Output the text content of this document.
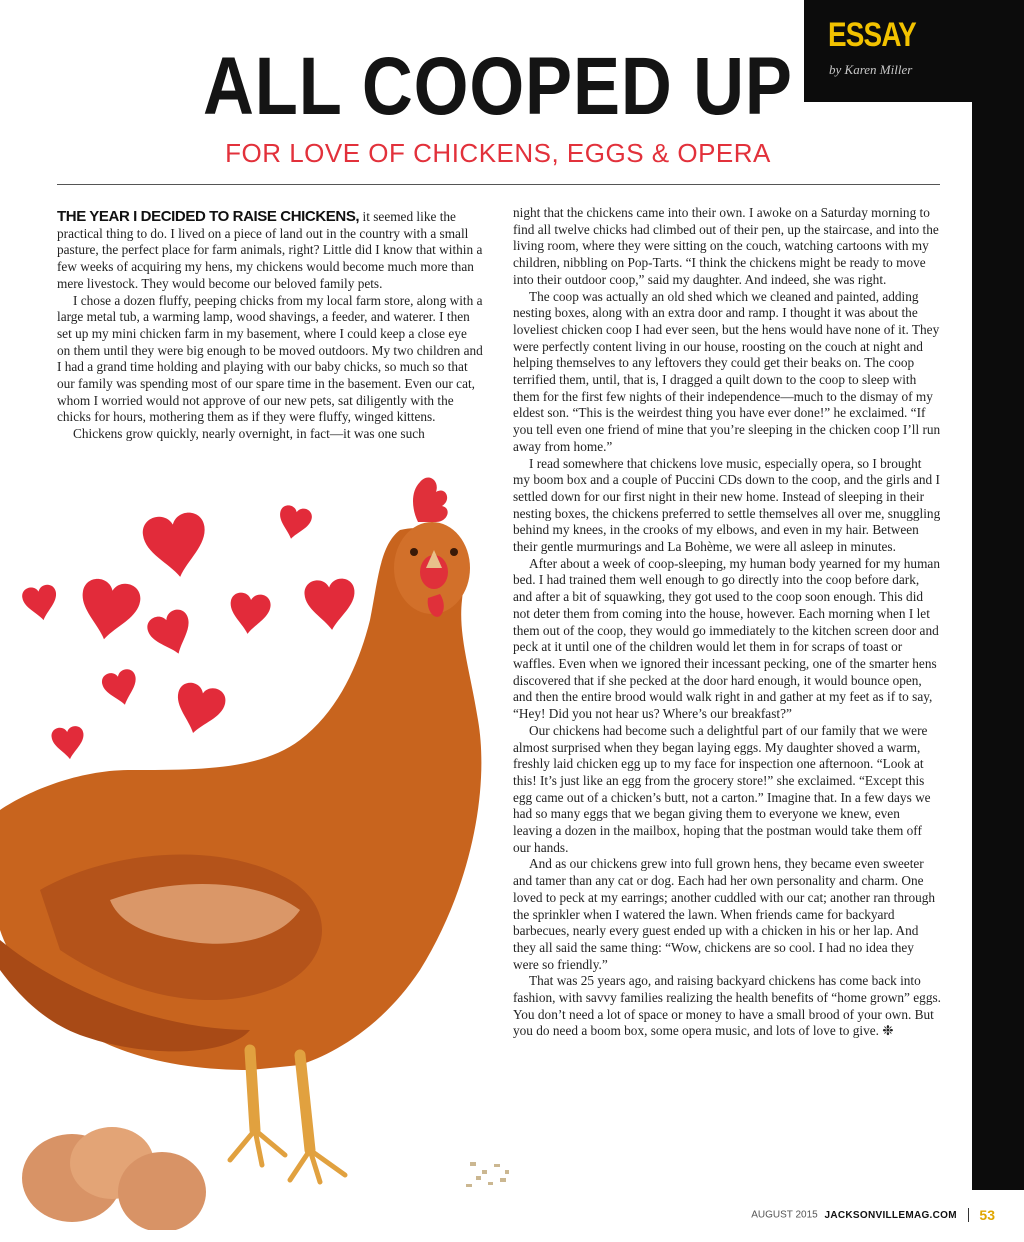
ESSAY
by Karen Miller
ALL COOPED UP
FOR LOVE OF CHICKENS, EGGS & OPERA

THE YEAR I DECIDED TO RAISE CHICKENS, it seemed like the practical thing to do. I lived on a piece of land out in the country with a small pasture, the perfect place for farm animals, right? Little did I know that within a few weeks of acquiring my hens, my chickens would become much more than mere livestock. They would become our beloved family pets.

I chose a dozen fluffy, peeping chicks from my local farm store, along with a large metal tub, a warming lamp, wood shavings, a feeder, and waterer. I then set up my mini chicken farm in my basement, where I could keep a close eye on them until they were big enough to be moved outdoors. My two children and I had a grand time holding and playing with our baby chicks, so much so that our family was spending most of our spare time in the basement. Even our cat, whom I worried would not approve of our new pets, sat diligently with the chicks for hours, mothering them as if they were fluffy, winged kittens.

Chickens grow quickly, nearly overnight, in fact—it was one such

night that the chickens came into their own. I awoke on a Saturday morning to find all twelve chicks had climbed out of their pen, up the staircase, and into the living room, where they were sitting on the couch, watching cartoons with my children, nibbling on Pop-Tarts. “I think the chickens might be ready to move into their outdoor coop,” said my daughter. And indeed, she was right.

The coop was actually an old shed which we cleaned and painted, adding nesting boxes, along with an extra door and ramp. I thought it was about the loveliest chicken coop I had ever seen, but the hens would have none of it. They were perfectly content living in our house, roosting on the couch at night and helping themselves to any leftovers they could get their beaks on. The coop terrified them, until, that is, I dragged a quilt down to the coop to sleep with them for the first few nights of their independence—much to the dismay of my eldest son. “This is the weirdest thing you have ever done!” he exclaimed. “If you tell even one friend of mine that you’re sleeping in the chicken coop I’ll run away from home.”

I read somewhere that chickens love music, especially opera, so I brought my boom box and a couple of Puccini CDs down to the coop, and the girls and I settled down for our first night in their new home. Instead of sleeping in their nesting boxes, the chickens preferred to settle themselves all over me, snuggling behind my knees, in the crooks of my elbows, and even in my hair. Between their gentle murmurings and La Bohème, we were all asleep in minutes.

After about a week of coop-sleeping, my human body yearned for my human bed. I had trained them well enough to go directly into the coop before dark, and after a bit of squawking, they got used to the coop soon enough. This did not deter them from coming into the house, however. Each morning when I let them out of the coop, they would go immediately to the kitchen screen door and peck at it until one of the children would let them in for scraps of toast or waffles. Even when we ignored their incessant pecking, one of the smarter hens discovered that if she pecked at the door hard enough, it would bounce open, and then the entire brood would walk right in and gather at my feet as if to say, “Hey! Did you not hear us? Where’s our breakfast?”

Our chickens had become such a delightful part of our family that we were almost surprised when they began laying eggs. My daughter shoved a warm, freshly laid chicken egg up to my face for inspection one afternoon. “Look at this! It’s just like an egg from the grocery store!” she exclaimed. “Except this egg came out of a chicken’s butt, not a carton.” Imagine that. In a few days we had so many eggs that we began giving them to everyone we knew, even leaving a dozen in the mailbox, hoping that the postman would take them off our hands.

And as our chickens grew into full grown hens, they became even sweeter and tamer than any cat or dog. Each had her own personality and charm. One loved to peck at my earrings; another cuddled with our cat; another ran through the sprinkler when I watered the lawn. When friends came for backyard barbecues, nearly every guest ended up with a chicken in his or her lap. And they all said the same thing: “Wow, chickens are so cool. I had no idea they were so friendly.”

That was 25 years ago, and raising backyard chickens has come back into fashion, with savvy families realizing the health benefits of “home grown” eggs. You don’t need a lot of space or money to have a small brood of your own. But you do need a boom box, some opera music, and lots of love to give. ❉

AUGUST 2015 JACKSONVILLEMAG.COM 53
